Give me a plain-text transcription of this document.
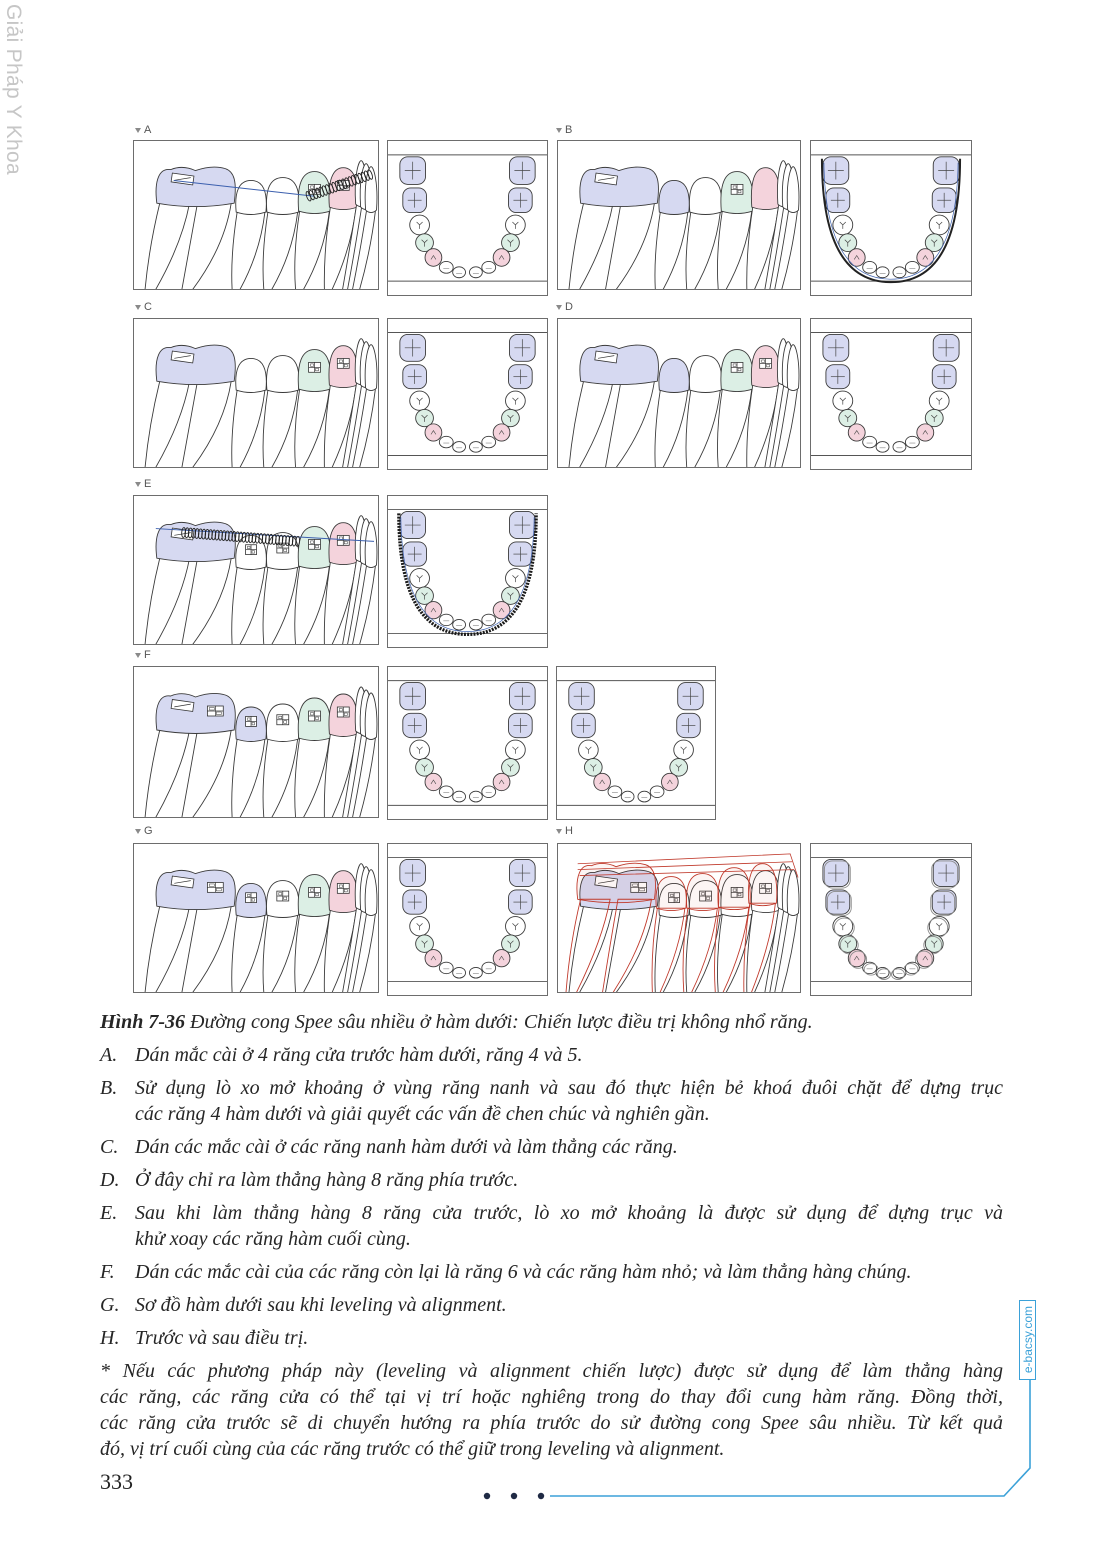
Giải Pháp Y Khoa	A	B
C	D
E
F
G	H
Hình 7-36 Đường cong Spee sâu nhiều ở hàm dưới: Chiến lược điều trị không nhổ răng.
A. Dán mắc cài ở 4 răng cửa trước hàm dưới, răng 4 và 5.
B. Sử dụng lò xo mở khoảng ở vùng răng nanh và sau đó thực hiện bẻ khoá đuôi chặt để dựng trục
các răng 4 hàm dưới và giải quyết các vấn đề chen chúc và nghiên gần.
C. Dán các mắc cài ở các răng nanh hàm dưới và làm thẳng các răng.
D. Ở đây chỉ ra làm thẳng hàng 8 răng phía trước.
E. Sau khi làm thẳng hàng 8 răng cửa trước, lò xo mở khoảng là được sử dụng để dựng trục và
khử xoay các răng hàm cuối cùng.
F.	Dán các mắc cài của các răng còn lại là răng 6 và các răng hàm nhỏ; và làm thẳng hàng chúng.
G. Sơ đồ hàm dưới sau khi leveling và alignment.
H. Trước và sau điều trị.
* Nếu các phương pháp này (leveling và alignment chiến lược) được sử dụng để làm thẳng hàng
các răng, các răng cửa có thể tại vị trí hoặc nghiêng trong do thay đổi cung hàm răng. Đồng thời,
các răng cửa trước sẽ di chuyển hướng ra phía trước do sử đường cong Spee sâu nhiều. Từ kết quả
đó, vị trí cuối cùng của các răng trước có thể giữ trong leveling và alignment.
333
e-bacsy.com
